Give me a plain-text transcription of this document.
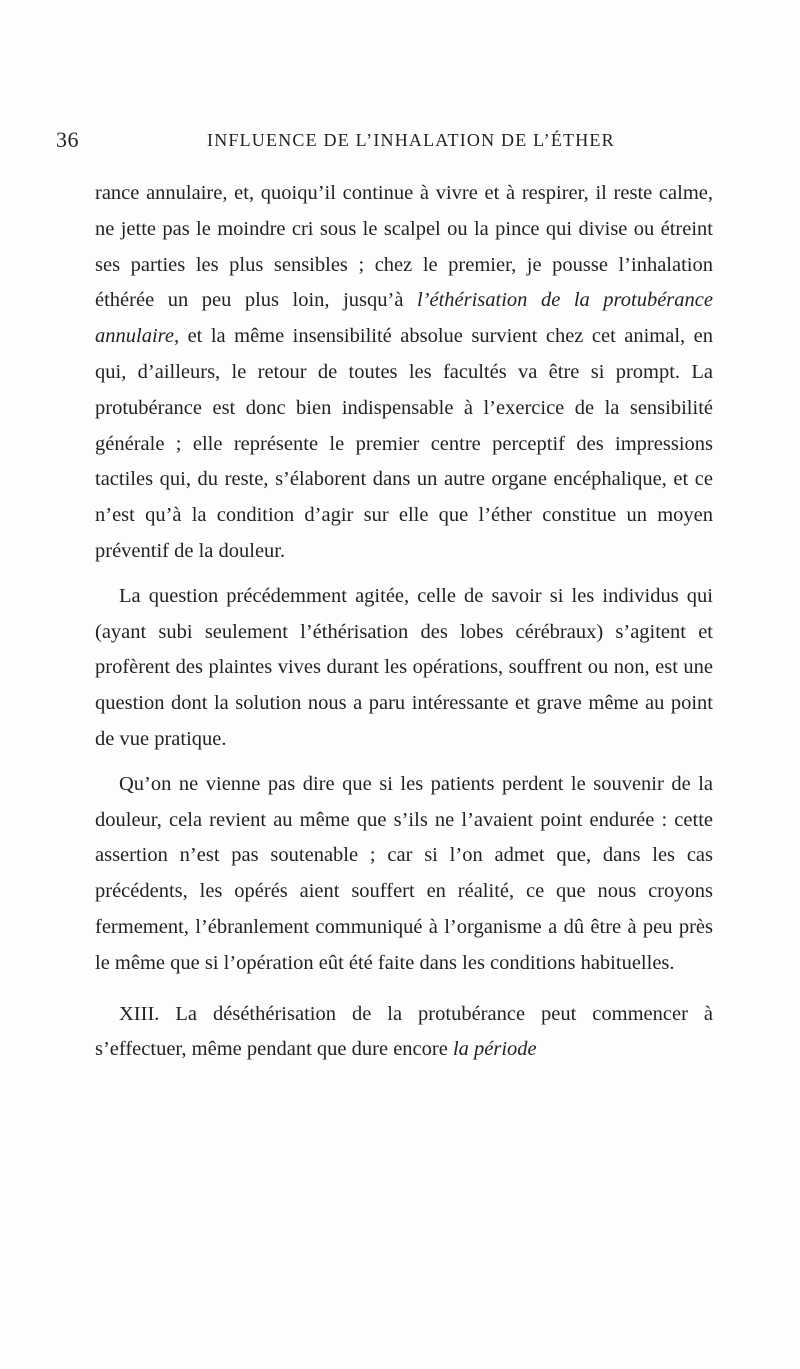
36	INFLUENCE DE L’INHALATION DE L’ÉTHER

rance annulaire, et, quoiqu’il continue à vivre et à respirer, il reste calme, ne jette pas le moindre cri sous le scalpel ou la pince qui divise ou étreint ses parties les plus sensibles ; chez le premier, je pousse l’inhalation éthérée un peu plus loin, jusqu’à l’éthérisation de la protubérance annulaire, et la même insensibilité absolue survient chez cet animal, en qui, d’ailleurs, le retour de toutes les facultés va être si prompt. La protubérance est donc bien indispensable à l’exercice de la sensibilité générale ; elle représente le premier centre perceptif des impressions tactiles qui, du reste, s’élaborent dans un autre organe encéphalique, et ce n’est qu’à la condition d’agir sur elle que l’éther constitue un moyen préventif de la douleur.

La question précédemment agitée, celle de savoir si les individus qui (ayant subi seulement l’éthérisation des lobes cérébraux) s’agitent et profèrent des plaintes vives durant les opérations, souffrent ou non, est une question dont la solution nous a paru intéressante et grave même au point de vue pratique.

Qu’on ne vienne pas dire que si les patients perdent le souvenir de la douleur, cela revient au même que s’ils ne l’avaient point endurée : cette assertion n’est pas soutenable ; car si l’on admet que, dans les cas précédents, les opérés aient souffert en réalité, ce que nous croyons fermement, l’ébranlement communiqué à l’organisme a dû être à peu près le même que si l’opération eût été faite dans les conditions habituelles.

XIII. La déséthérisation de la protubérance peut commencer à s’effectuer, même pendant que dure encore la période
